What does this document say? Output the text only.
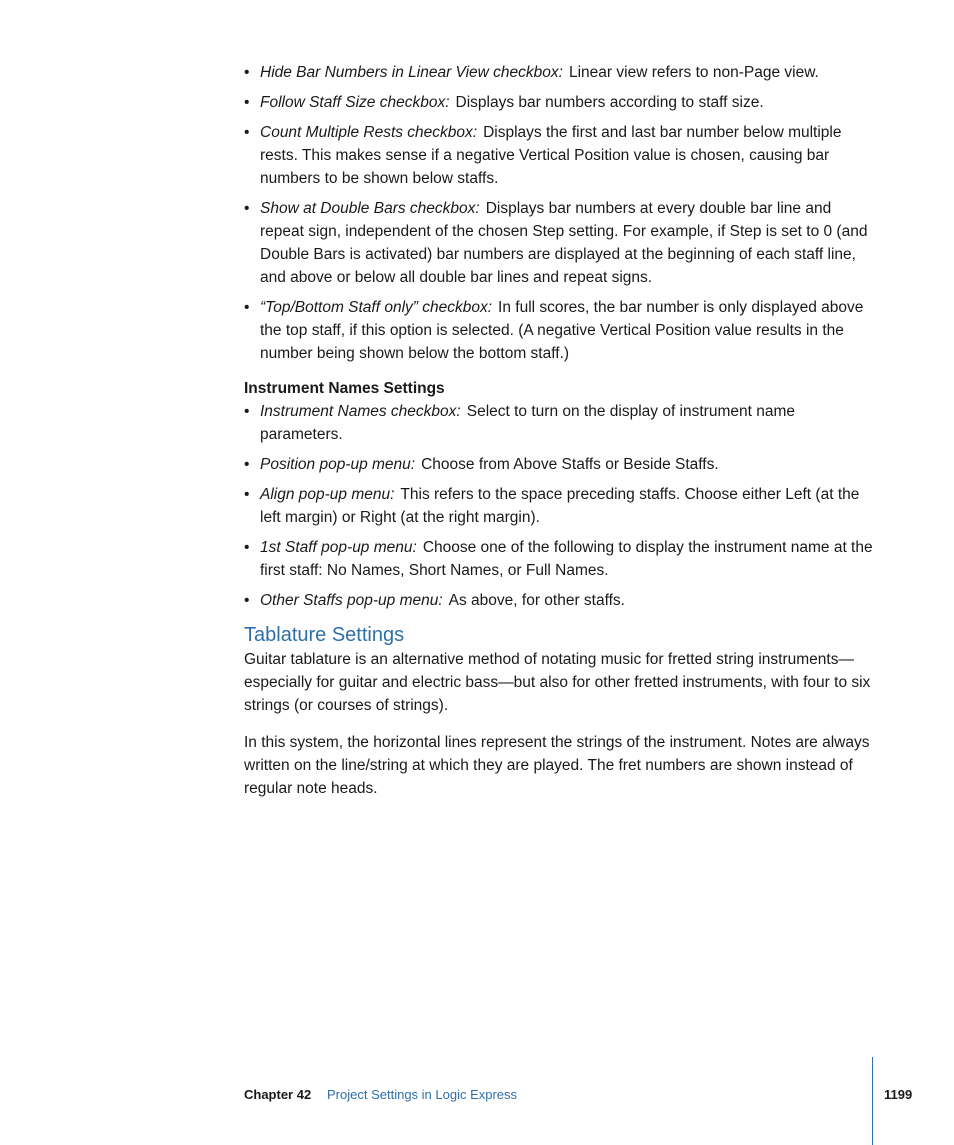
• Hide Bar Numbers in Linear View checkbox: Linear view refers to non-Page view.
• Follow Staff Size checkbox: Displays bar numbers according to staff size.
• Count Multiple Rests checkbox: Displays the first and last bar number below multiple rests. This makes sense if a negative Vertical Position value is chosen, causing bar numbers to be shown below staffs.
• Show at Double Bars checkbox: Displays bar numbers at every double bar line and repeat sign, independent of the chosen Step setting. For example, if Step is set to 0 (and Double Bars is activated) bar numbers are displayed at the beginning of each staff line, and above or below all double bar lines and repeat signs.
• “Top/Bottom Staff only” checkbox: In full scores, the bar number is only displayed above the top staff, if this option is selected. (A negative Vertical Position value results in the number being shown below the bottom staff.)
Instrument Names Settings
• Instrument Names checkbox: Select to turn on the display of instrument name parameters.
• Position pop-up menu: Choose from Above Staffs or Beside Staffs.
• Align pop-up menu: This refers to the space preceding staffs. Choose either Left (at the left margin) or Right (at the right margin).
• 1st Staff pop-up menu: Choose one of the following to display the instrument name at the first staff: No Names, Short Names, or Full Names.
• Other Staffs pop-up menu: As above, for other staffs.
Tablature Settings

Guitar tablature is an alternative method of notating music for fretted string instruments—especially for guitar and electric bass—but also for other fretted instruments, with four to six strings (or courses of strings).

In this system, the horizontal lines represent the strings of the instrument. Notes are always written on the line/string at which they are played. The fret numbers are shown instead of regular note heads.

Chapter 42 Project Settings in Logic Express	1199
